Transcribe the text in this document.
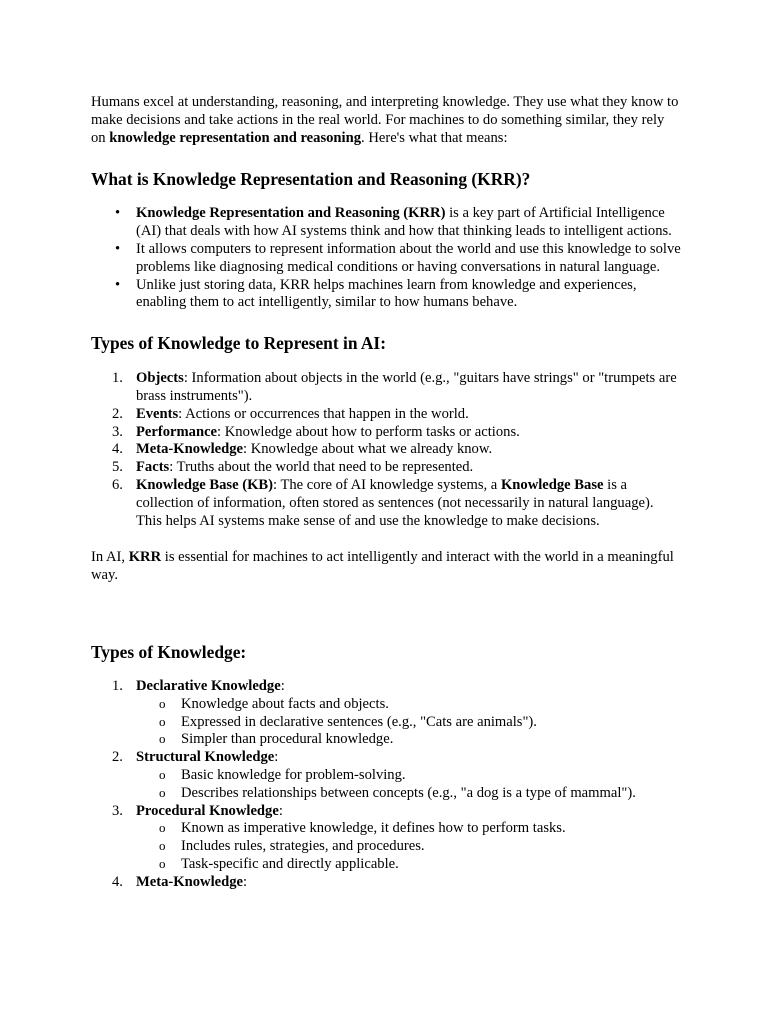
Humans excel at understanding, reasoning, and interpreting knowledge. They use what they know to make decisions and take actions in the real world. For machines to do something similar, they rely on knowledge representation and reasoning. Here's what that means:

What is Knowledge Representation and Reasoning (KRR)?
• Knowledge Representation and Reasoning (KRR) is a key part of Artificial Intelligence (AI) that deals with how AI systems think and how that thinking leads to intelligent actions.
• It allows computers to represent information about the world and use this knowledge to solve problems like diagnosing medical conditions or having conversations in natural language.
• Unlike just storing data, KRR helps machines learn from knowledge and experiences, enabling them to act intelligently, similar to how humans behave.
Types of Knowledge to Represent in AI:
1. Objects: Information about objects in the world (e.g., "guitars have strings" or "trumpets are brass instruments").
2. Events: Actions or occurrences that happen in the world.
3. Performance: Knowledge about how to perform tasks or actions.
4. Meta-Knowledge: Knowledge about what we already know.
5. Facts: Truths about the world that need to be represented.
6. Knowledge Base (KB): The core of AI knowledge systems, a Knowledge Base is a collection of information, often stored as sentences (not necessarily in natural language). This helps AI systems make sense of and use the knowledge to make decisions.

In AI, KRR is essential for machines to act intelligently and interact with the world in a meaningful way.

Types of Knowledge:
1. Declarative Knowledge:
o Knowledge about facts and objects.
o Expressed in declarative sentences (e.g., "Cats are animals").
o Simpler than procedural knowledge.
2. Structural Knowledge:
o Basic knowledge for problem-solving.
o Describes relationships between concepts (e.g., "a dog is a type of mammal").
3. Procedural Knowledge:
o Known as imperative knowledge, it defines how to perform tasks.
o Includes rules, strategies, and procedures.
o Task-specific and directly applicable.
4. Meta-Knowledge:
